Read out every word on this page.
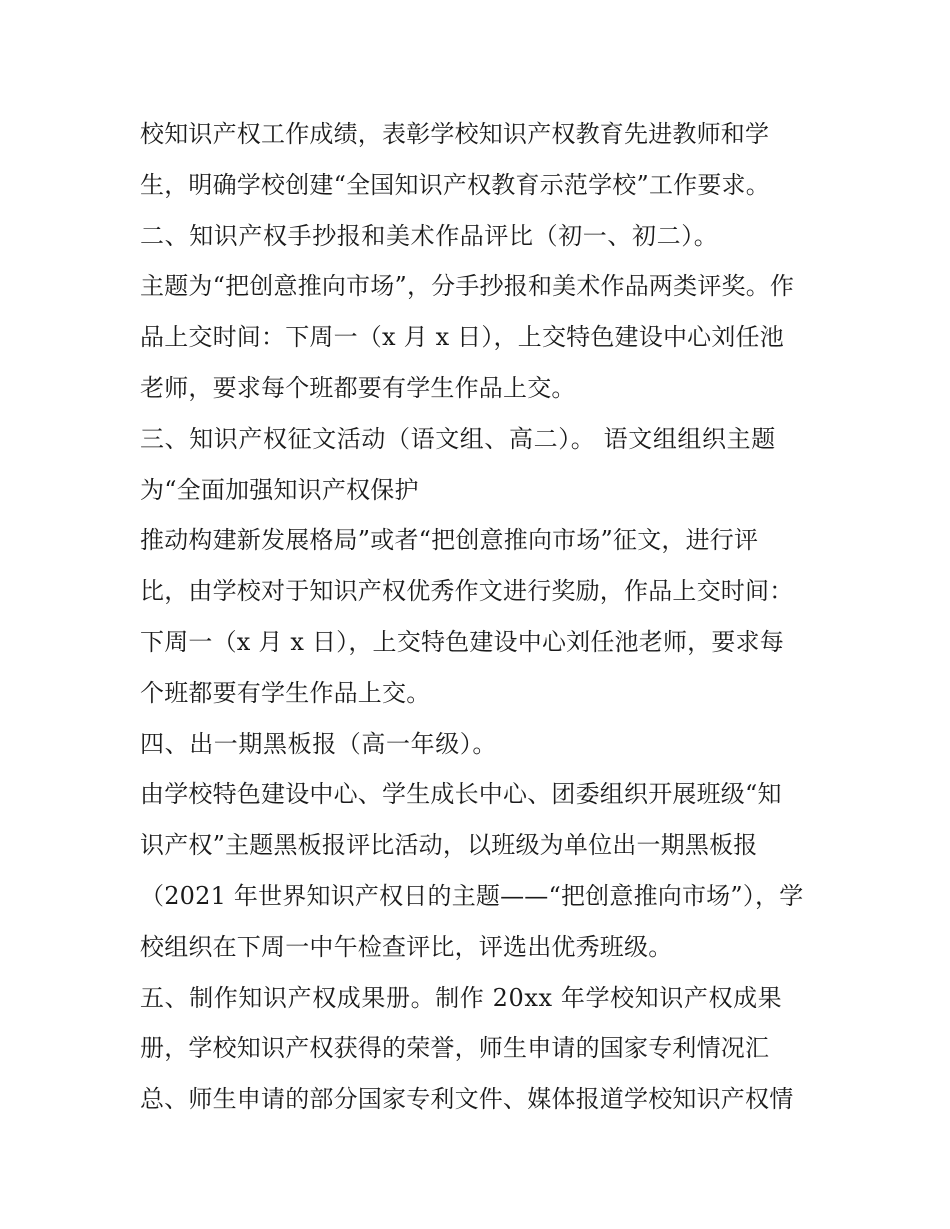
校知识产权工作成绩，表彰学校知识产权教育先进教师和学
生，明确学校创建“全国知识产权教育示范学校”工作要求。
二、知识产权手抄报和美术作品评比（初一、初二）。
主题为“把创意推向市场”，分手抄报和美术作品两类评奖。作
品上交时间：下周一（x 月 x 日），上交特色建设中心刘任池
老师，要求每个班都要有学生作品上交。
三、知识产权征文活动（语文组、高二）。 语文组组织主题
为“全面加强知识产权保护
推动构建新发展格局”或者“把创意推向市场”征文，进行评
比，由学校对于知识产权优秀作文进行奖励，作品上交时间：
下周一（x 月 x 日），上交特色建设中心刘任池老师，要求每
个班都要有学生作品上交。
四、出一期黑板报（高一年级）。
由学校特色建设中心、学生成长中心、团委组织开展班级“知
识产权”主题黑板报评比活动，以班级为单位出一期黑板报
（2021 年世界知识产权日的主题——“把创意推向市场”），学
校组织在下周一中午检查评比，评选出优秀班级。
五、制作知识产权成果册。制作 20xx 年学校知识产权成果
册，学校知识产权获得的荣誉，师生申请的国家专利情况汇
总、师生申请的部分国家专利文件、媒体报道学校知识产权情
